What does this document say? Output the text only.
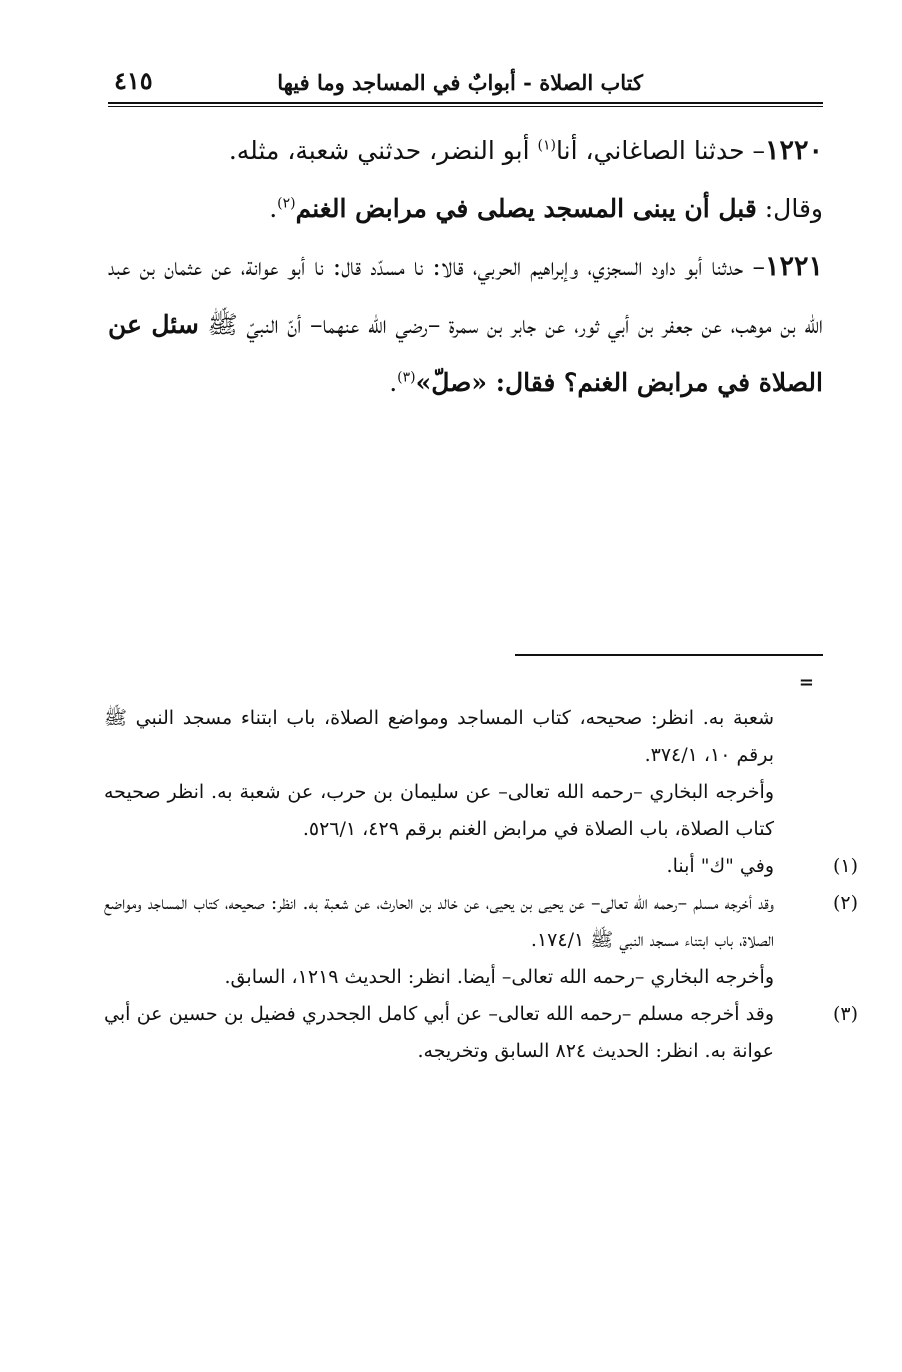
كتاب الصلاة - أبوابٌ في المساجد وما فيها
٤١٥

١٢٢٠– حدثنا الصاغاني، أنا$^{(١)}$ أبو النضر، حدثني شعبة، مثله.
وقال: قبل أن يبنى المسجد يصلى في مرابض الغنم$^{(٢)}$.

١٢٢١– حدثنا أبو داود السجزي، وإبراهيم الحربي، قالا: نا مسدّد قال: نا أبو عوانة، عن عثمان بن عبد الله بن موهب، عن جعفر بن أبي ثور، عن جابر بن سمرة –رضي الله عنهما– أنّ النبيّ ﷺ سئل عن الصلاة في مرابض الغنم؟ فقال: «صلّ»$^{(٣)}$.

=

شعبة به. انظر: صحيحه، كتاب المساجد ومواضع الصلاة، باب ابتناء مسجد النبي ﷺ برقم ١٠، ٣٧٤/١.

وأخرجه البخاري –رحمه الله تعالى– عن سليمان بن حرب، عن شعبة به. انظر صحيحه كتاب الصلاة، باب الصلاة في مرابض الغنم برقم ٤٢٩، ٥٢٦/١.

(١)وفي "ك" أبنا.

(٢)وقد أخرجه مسلم –رحمه الله تعالى– عن يحيى بن يحيى، عن خالد بن الحارث، عن شعبة به. انظر: صحيحه، كتاب المساجد ومواضع الصلاة، باب ابتناء مسجد النبي ﷺ ١٧٤/١.

وأخرجه البخاري –رحمه الله تعالى– أيضا. انظر: الحديث ١٢١٩، السابق.

(٣)وقد أخرجه مسلم –رحمه الله تعالى– عن أبي كامل الجحدري فضيل بن حسين عن أبي عوانة به. انظر: الحديث ٨٢٤ السابق وتخريجه.
